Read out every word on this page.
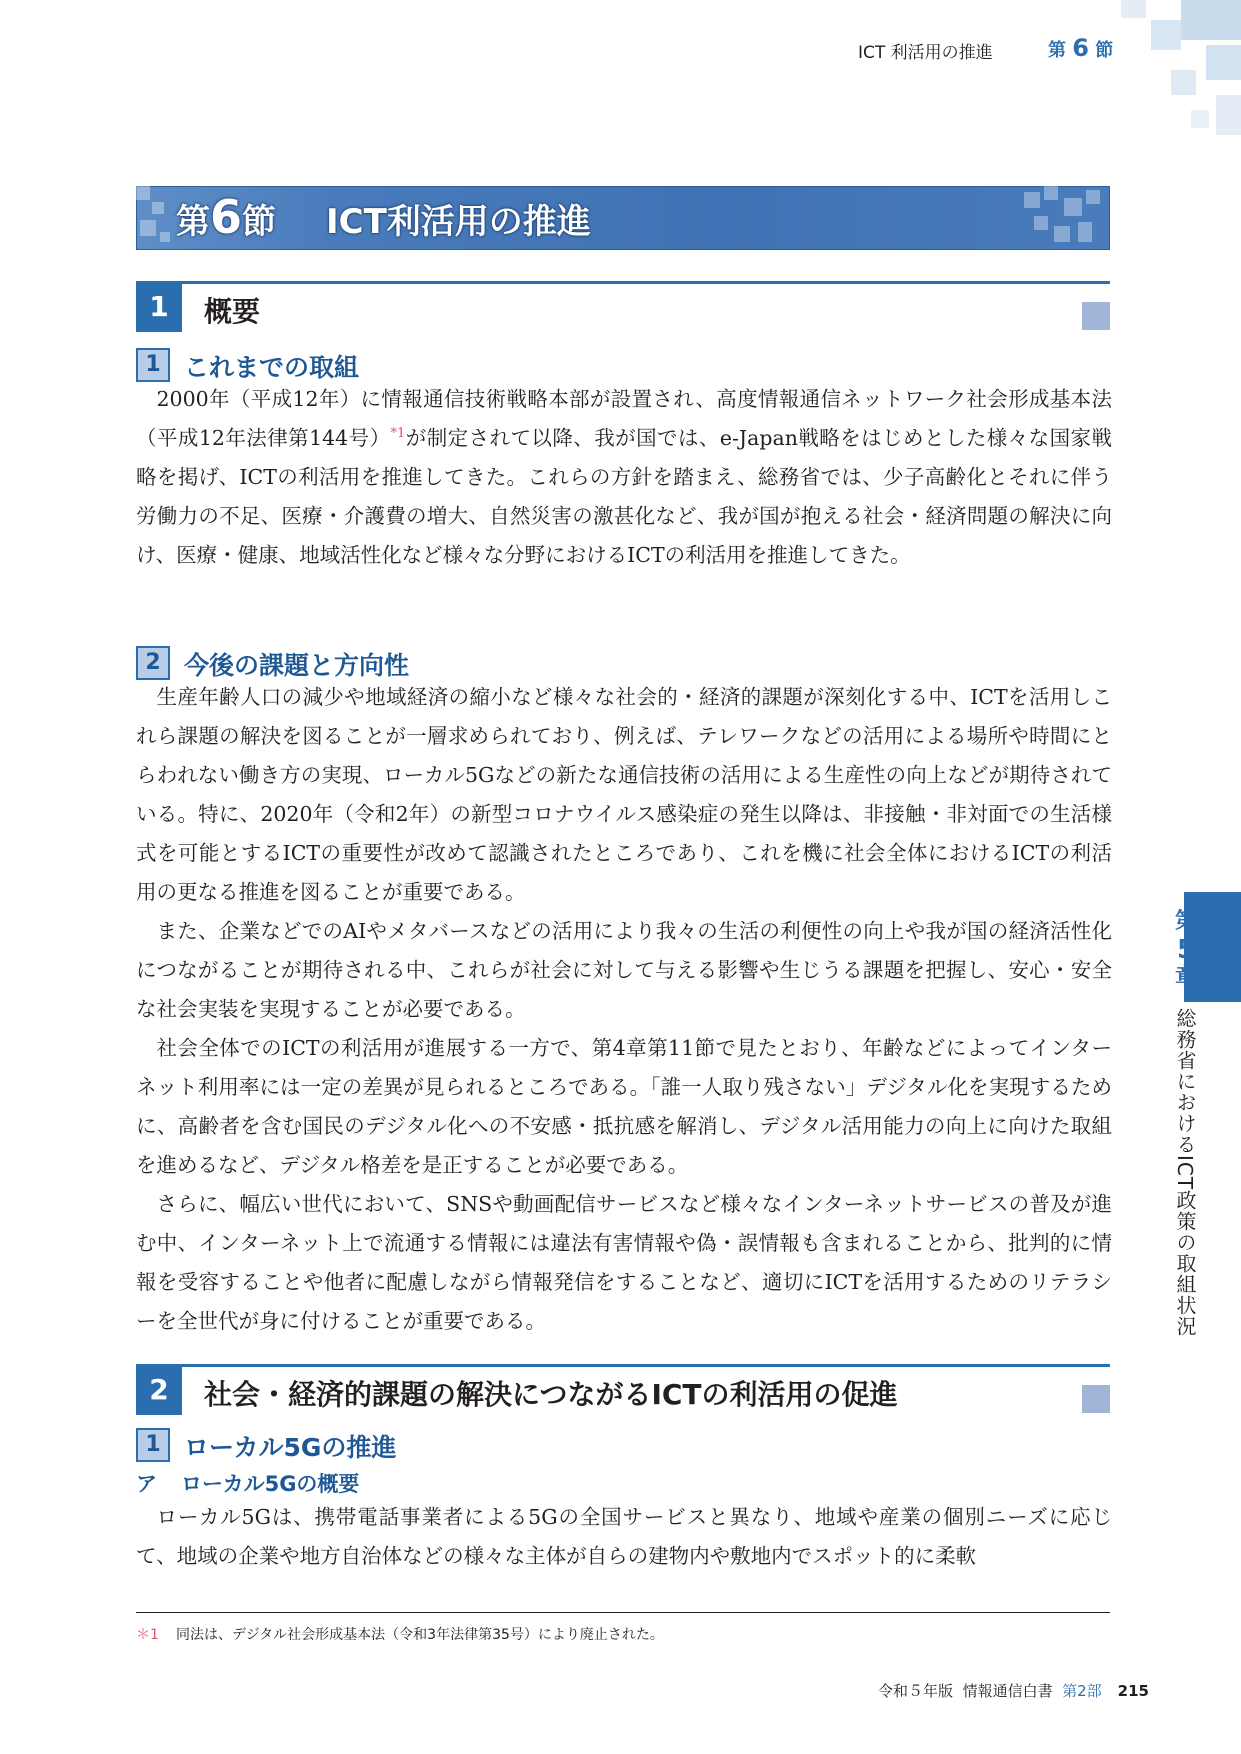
ICT 利活用の推進	第 6 節
第6節 ICT利活用の推進
1	概要
1 これまでの取組

2000年（平成12年）に情報通信技術戦略本部が設置され、高度情報通信ネットワーク社会形成基本法（平成12年法律第144号）$^{*1}$が制定されて以降、我が国では、e-Japan戦略をはじめとした様々な国家戦略を掲げ、ICTの利活用を推進してきた。これらの方針を踏まえ、総務省では、少子高齢化とそれに伴う労働力の不足、医療・介護費の増大、自然災害の激甚化など、我が国が抱える社会・経済問題の解決に向け、医療・健康、地域活性化など様々な分野におけるICTの利活用を推進してきた。

2 今後の課題と方向性

生産年齢人口の減少や地域経済の縮小など様々な社会的・経済的課題が深刻化する中、ICTを活用しこれら課題の解決を図ることが一層求められており、例えば、テレワークなどの活用による場所や時間にとらわれない働き方の実現、ローカル5Gなどの新たな通信技術の活用による生産性の向上などが期待されている。特に、2020年（令和2年）の新型コロナウイルス感染症の発生以降は、非接触・非対面での生活様式を可能とするICTの重要性が改めて認識されたところであり、これを機に社会全体におけるICTの利活用の更なる推進を図ることが重要である。

また、企業などでのAIやメタバースなどの活用により我々の生活の利便性の向上や我が国の経済活性化につながることが期待される中、これらが社会に対して与える影響や生じうる課題を把握し、安心・安全な社会実装を実現することが必要である。

社会全体でのICTの利活用が進展する一方で、第4章第11節で見たとおり、年齢などによってインターネット利用率には一定の差異が見られるところである。「誰一人取り残さない」デジタル化を実現するために、高齢者を含む国民のデジタル化への不安感・抵抗感を解消し、デジタル活用能力の向上に向けた取組を進めるなど、デジタル格差を是正することが必要である。

さらに、幅広い世代において、SNSや動画配信サービスなど様々なインターネットサービスの普及が進む中、インターネット上で流通する情報には違法有害情報や偽・誤情報も含まれることから、批判的に情報を受容することや他者に配慮しながら情報発信をすることなど、適切にICTを活用するためのリテラシーを全世代が身に付けることが重要である。

2	社会・経済的課題の解決につながるICTの利活用の促進
1 ローカル5Gの推進
ア ローカル5Gの概要

ローカル5Gは、携帯電話事業者による5Gの全国サービスと異なり、地域や産業の個別ニーズに応じて、地域の企業や地方自治体などの様々な主体が自らの建物内や敷地内でスポット的に柔軟

第
5
章
総務省におけるICT政策の取組状況
＊1 同法は、デジタル社会形成基本法（令和3年法律第35号）により廃止された。
令和５年版 情報通信白書 第2部 215
